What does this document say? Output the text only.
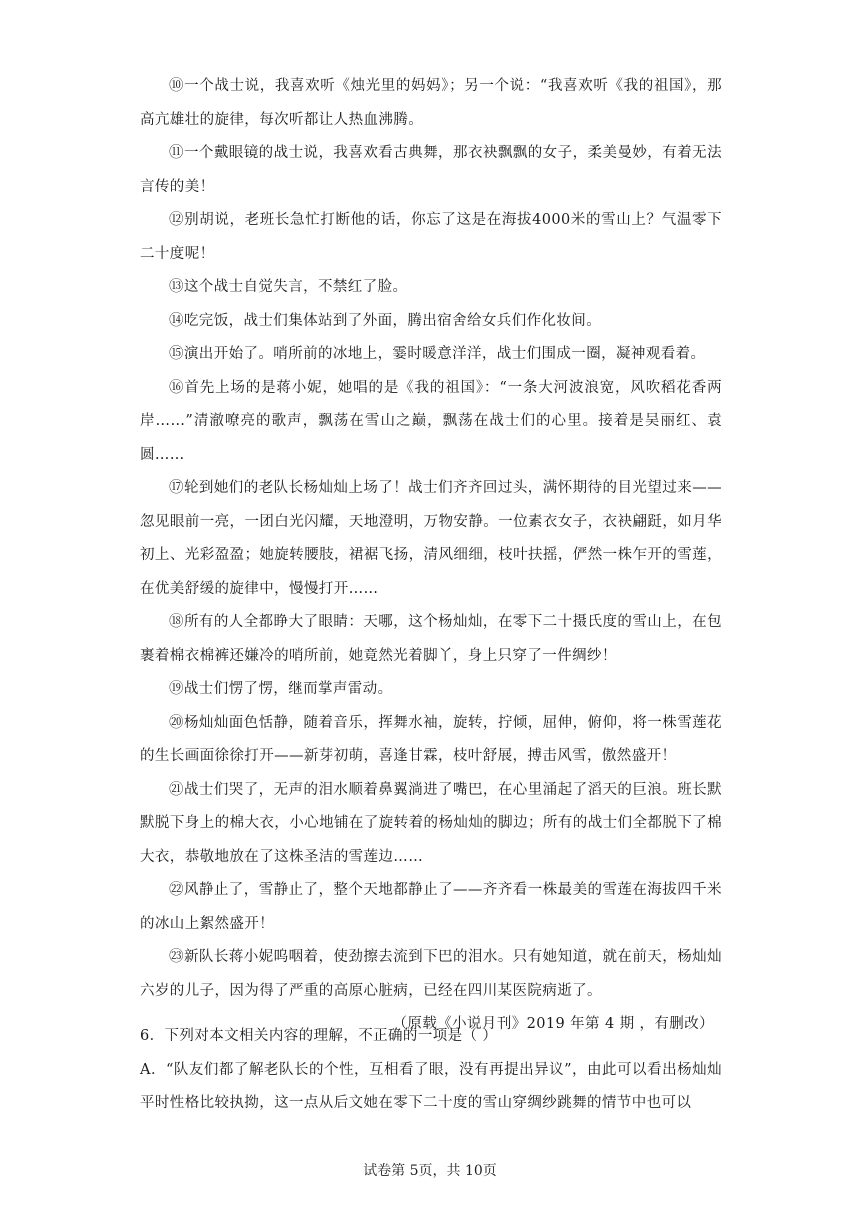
⑩一个战士说，我喜欢听《烛光里的妈妈》；另一个说：“我喜欢听《我的祖国》，那高亢雄壮的旋律，每次听都让人热血沸腾。

⑪一个戴眼镜的战士说，我喜欢看古典舞，那衣袂飘飘的女子，柔美曼妙，有着无法言传的美！

⑫别胡说，老班长急忙打断他的话，你忘了这是在海拔4000米的雪山上？气温零下二十度呢！

⑬这个战士自觉失言，不禁红了脸。

⑭吃完饭，战士们集体站到了外面，腾出宿舍给女兵们作化妆间。

⑮演出开始了。哨所前的冰地上，霎时暖意洋洋，战士们围成一圈，凝神观看着。

⑯首先上场的是蒋小妮，她唱的是《我的祖国》：“一条大河波浪宽，风吹稻花香两岸……”清澈嘹亮的歌声，飘荡在雪山之巅，飘荡在战士们的心里。接着是吴丽红、袁圆……

⑰轮到她们的老队长杨灿灿上场了！战士们齐齐回过头，满怀期待的目光望过来——忽见眼前一亮，一团白光闪耀，天地澄明，万物安静。一位素衣女子，衣袂翩跹，如月华初上、光彩盈盈；她旋转腰肢，裙裾飞扬，清风细细，枝叶扶摇，俨然一株乍开的雪莲，在优美舒缓的旋律中，慢慢打开……

⑱所有的人全都睁大了眼睛：天哪，这个杨灿灿，在零下二十摄氏度的雪山上，在包裹着棉衣棉裤还嫌冷的哨所前，她竟然光着脚丫，身上只穿了一件绸纱！

⑲战士们愣了愣，继而掌声雷动。

⑳杨灿灿面色恬静，随着音乐，挥舞水袖，旋转，拧倾，屈伸，俯仰，将一株雪莲花的生长画面徐徐打开——新芽初萌，喜逢甘霖，枝叶舒展，搏击风雪，傲然盛开！

㉑战士们哭了，无声的泪水顺着鼻翼淌进了嘴巴，在心里涌起了滔天的巨浪。班长默默脱下身上的棉大衣，小心地铺在了旋转着的杨灿灿的脚边；所有的战士们全都脱下了棉大衣，恭敬地放在了这株圣洁的雪莲边……

㉒风静止了，雪静止了，整个天地都静止了——齐齐看一株最美的雪莲在海拔四千米的冰山上絮然盛开！

㉓新队长蒋小妮呜咽着，使劲擦去流到下巴的泪水。只有她知道，就在前天，杨灿灿六岁的儿子，因为得了严重的高原心脏病，已经在四川某医院病逝了。

（原载《小说月刊》2019 年第 4 期 ，有删改）

6．下列对本文相关内容的理解，不正确的一项是（ ）

A．“队友们都了解老队长的个性，互相看了眼，没有再提出异议”，由此可以看出杨灿灿平时性格比较执拗，这一点从后文她在零下二十度的雪山穿绸纱跳舞的情节中也可以

试卷第 5页，共 10页
